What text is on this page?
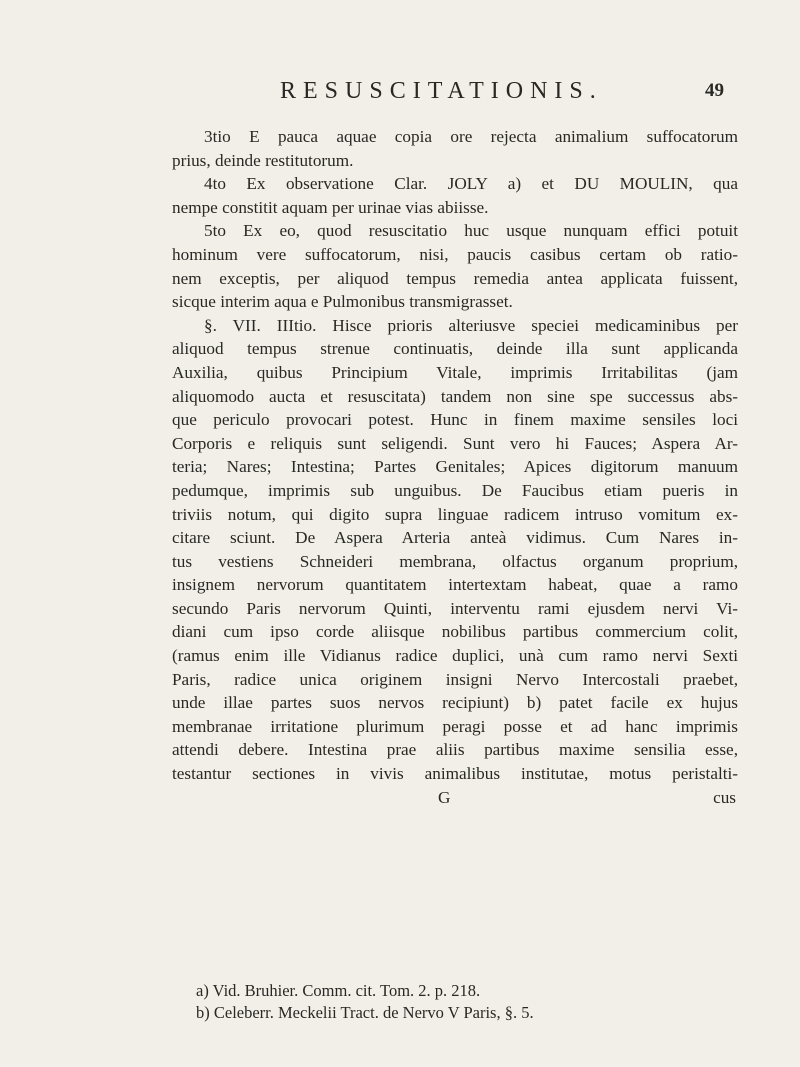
RESUSCITATIONIS.	49
3tio E pauca aquae copia ore rejecta animalium suffocatorum
prius, deinde restitutorum.
4to Ex observatione Clar. JOLY a) et DU MOULIN, qua
nempe constitit aquam per urinae vias abiisse.
5to Ex eo, quod resuscitatio huc usque nunquam effici potuit
hominum vere suffocatorum, nisi, paucis casibus certam ob ratio-
nem exceptis, per aliquod tempus remedia antea applicata fuissent,
sicque interim aqua e Pulmonibus transmigrasset.
§. VII. IIItio. Hisce prioris alteriusve speciei medicaminibus per
aliquod tempus strenue continuatis, deinde illa sunt applicanda
Auxilia, quibus Principium Vitale, imprimis Irritabilitas (jam
aliquomodo aucta et resuscitata) tandem non sine spe successus abs-
que periculo provocari potest. Hunc in finem maxime sensiles loci
Corporis e reliquis sunt seligendi. Sunt vero hi Fauces; Aspera Ar-
teria; Nares; Intestina; Partes Genitales; Apices digitorum manuum
pedumque, imprimis sub unguibus. De Faucibus etiam pueris in
triviis notum, qui digito supra linguae radicem intruso vomitum ex-
citare sciunt. De Aspera Arteria anteà vidimus. Cum Nares in-
tus vestiens Schneideri membrana, olfactus organum proprium,
insignem nervorum quantitatem intertextam habeat, quae a ramo
secundo Paris nervorum Quinti, interventu rami ejusdem nervi Vi-
diani cum ipso corde aliisque nobilibus partibus commercium colit,
(ramus enim ille Vidianus radice duplici, unà cum ramo nervi Sexti
Paris, radice unica originem insigni Nervo Intercostali praebet,
unde illae partes suos nervos recipiunt) b) patet facile ex hujus
membranae irritatione plurimum peragi posse et ad hanc imprimis
attendi debere. Intestina prae aliis partibus maxime sensilia esse,
testantur sectiones in vivis animalibus institutae, motus peristalti-
G	cus
a) Vid. Bruhier. Comm. cit. Tom. 2. p. 218.
b) Celeberr. Meckelii Tract. de Nervo V Paris, §. 5.
